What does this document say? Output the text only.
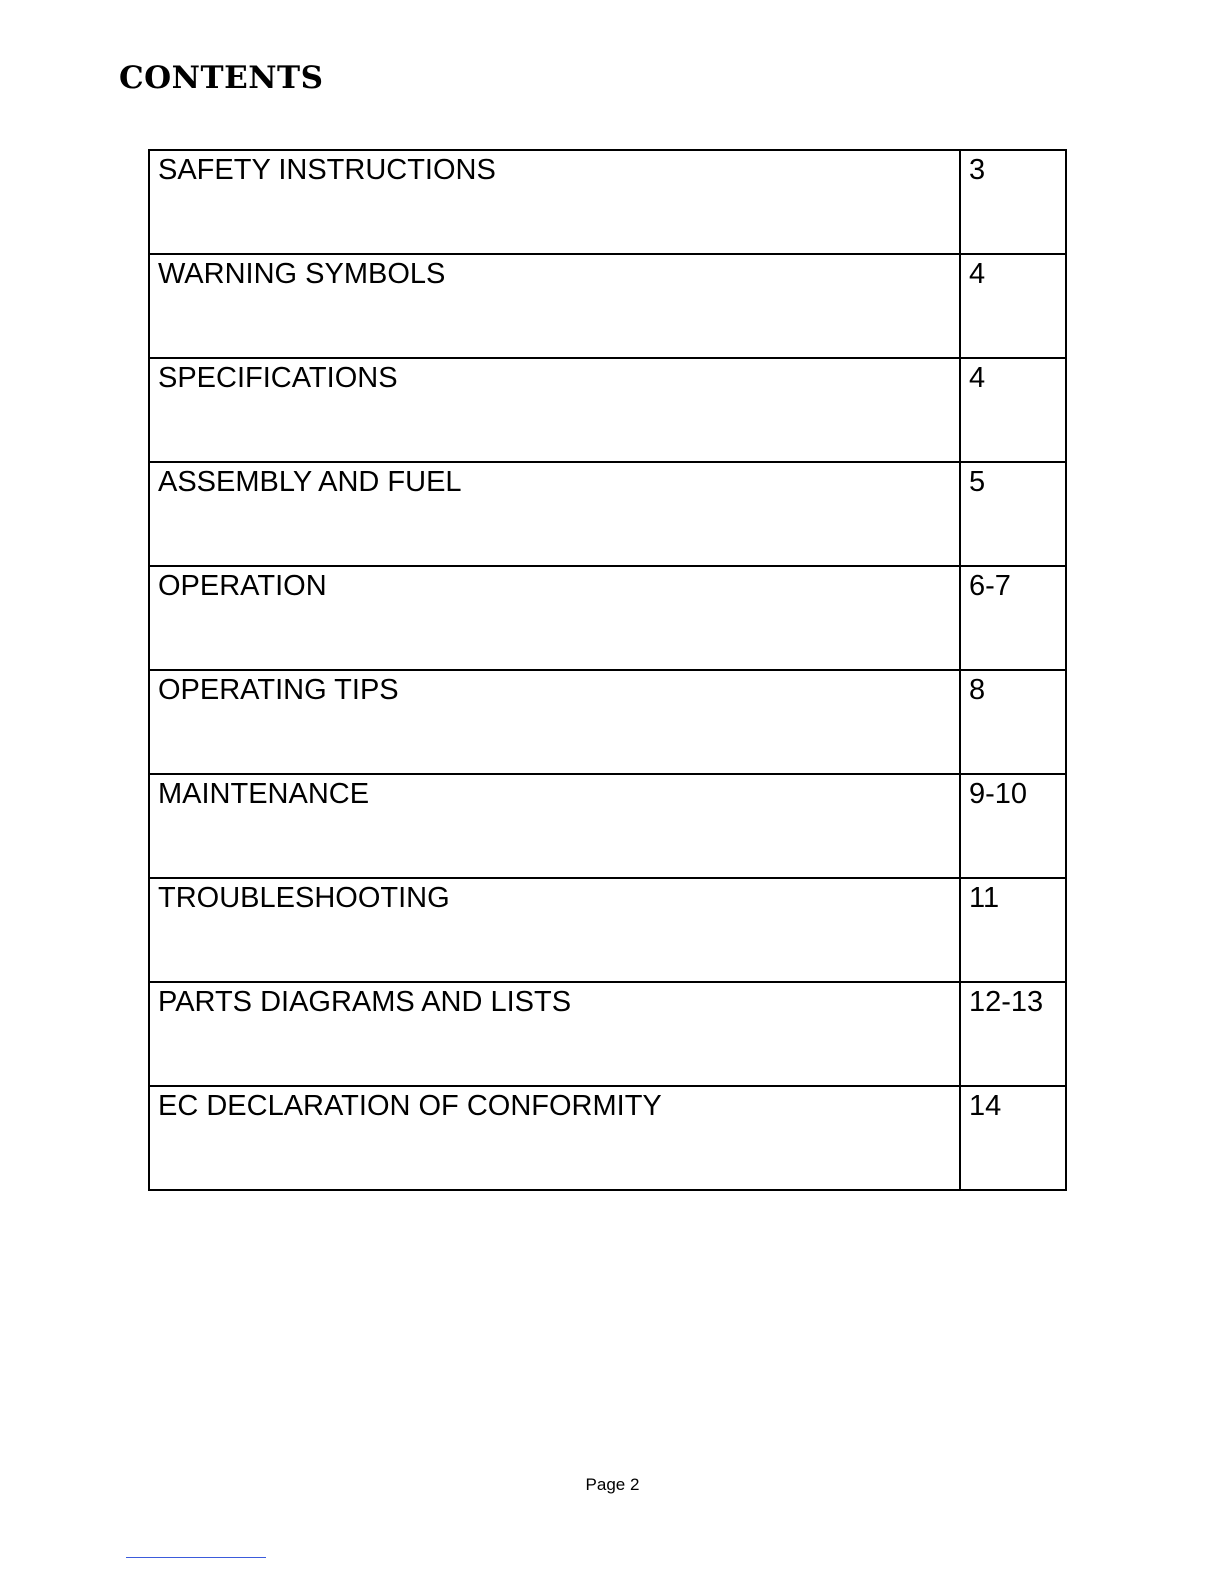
CONTENTS
SAFETY INSTRUCTIONS	3
WARNING SYMBOLS	4
SPECIFICATIONS	4
ASSEMBLY AND FUEL	5
OPERATION	6-7
OPERATING TIPS	8
MAINTENANCE	9-10
TROUBLESHOOTING	11
PARTS DIAGRAMS AND LISTS	12-13
EC DECLARATION OF CONFORMITY	14
Page 2
